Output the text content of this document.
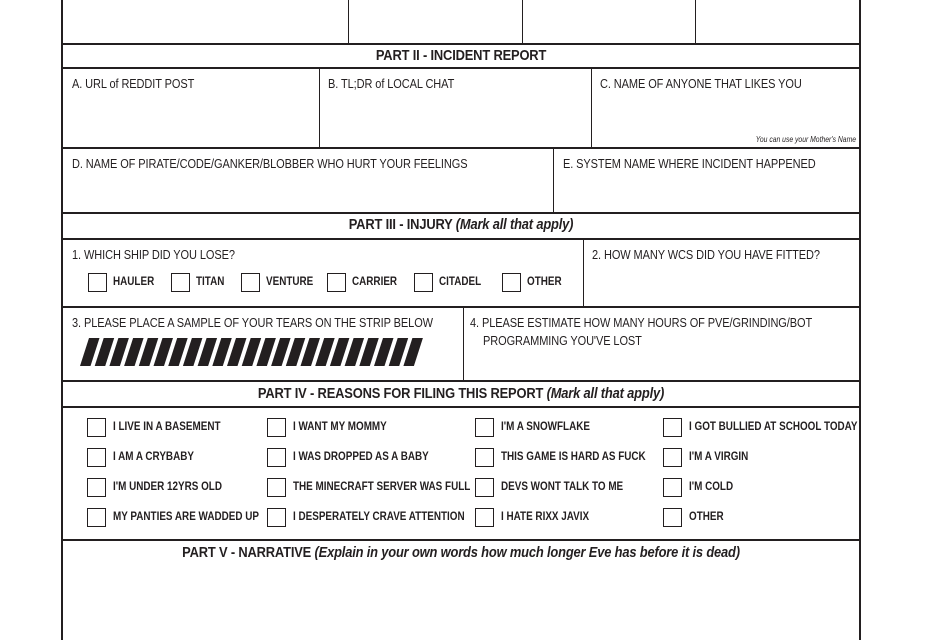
PART II - INCIDENT REPORT
A. URL of REDDIT POST	B. TL;DR of LOCAL CHAT	C. NAME OF ANYONE THAT LIKES YOU
You can use your Mother's Name
D. NAME OF PIRATE/CODE/GANKER/BLOBBER WHO HURT YOUR FEELINGS	E. SYSTEM NAME WHERE INCIDENT HAPPENED
PART III - INJURY (Mark all that apply)
1. WHICH SHIP DID YOU LOSE?	2. HOW MANY WCS DID YOU HAVE FITTED?
HAULER	TITAN	VENTURE	CARRIER	CITADEL	OTHER
3. PLEASE PLACE A SAMPLE OF YOUR TEARS ON THE STRIP BELOW	4. PLEASE ESTIMATE HOW MANY HOURS OF PVE/GRINDING/BOT
PROGRAMMING YOU'VE LOST
PART IV - REASONS FOR FILING THIS REPORT (Mark all that apply)
I LIVE IN A BASEMENT	I WANT MY MOMMY	I'M A SNOWFLAKE	I GOT BULLIED AT SCHOOL TODAY
I AM A CRYBABY	I WAS DROPPED AS A BABY	THIS GAME IS HARD AS FUCK	I'M A VIRGIN
I'M UNDER 12YRS OLD	THE MINECRAFT SERVER WAS FULL	DEVS WONT TALK TO ME	I'M COLD
MY PANTIES ARE WADDED UP	I DESPERATELY CRAVE ATTENTION	I HATE RIXX JAVIX	OTHER
PART V - NARRATIVE (Explain in your own words how much longer Eve has before it is dead)
